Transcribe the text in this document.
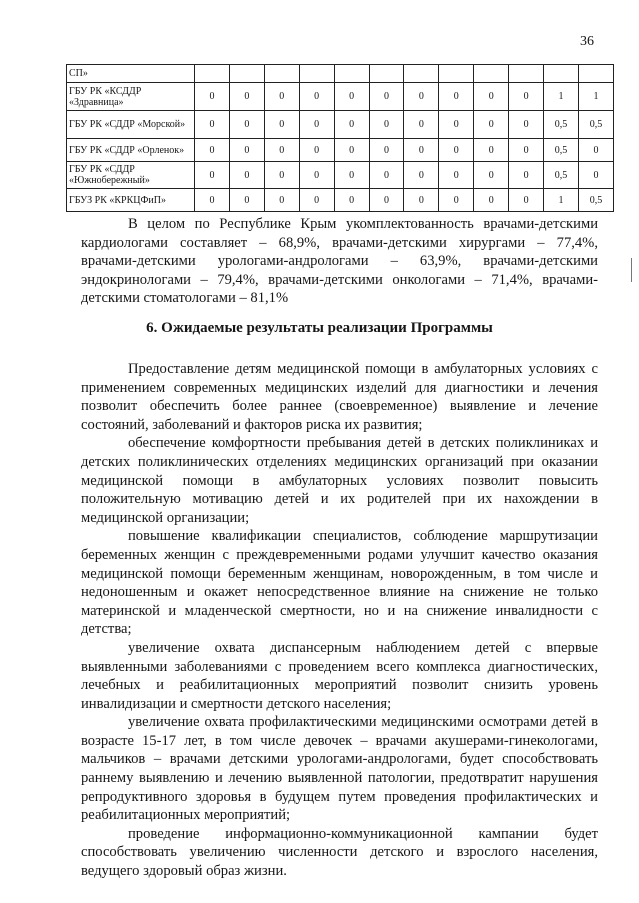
36
СП»												
ГБУ РК «КСДДР «Здравница»	0	0	0	0	0	0	0	0	0	0	1	1
ГБУ РК «СДДР «Морской»	0	0	0	0	0	0	0	0	0	0	0,5	0,5
ГБУ РК «СДДР «Орленок»	0	0	0	0	0	0	0	0	0	0	0,5	0
ГБУ РК «СДДР «Южнобережный»	0	0	0	0	0	0	0	0	0	0	0,5	0
ГБУЗ РК «КРКЦФиП»	0	0	0	0	0	0	0	0	0	0	1	0,5

В целом по Республике Крым укомплектованность врачами-детскими кардиологами составляет – 68,9%, врачами-детскими хирургами – 77,4%, врачами-детскими урологами-андрологами – 63,9%, врачами-детскими эндокринологами – 79,4%, врачами-детскими онкологами – 71,4%, врачами-детскими стоматологами – 81,1%

6. Ожидаемые результаты реализации Программы

Предоставление детям медицинской помощи в амбулаторных условиях с применением современных медицинских изделий для диагностики и лечения позволит обеспечить более раннее (своевременное) выявление и лечение состояний, заболеваний и факторов риска их развития;

обеспечение комфортности пребывания детей в детских поликлиниках и детских поликлинических отделениях медицинских организаций при оказании медицинской помощи в амбулаторных условиях позволит повысить положительную мотивацию детей и их родителей при их нахождении в медицинской организации;

повышение квалификации специалистов, соблюдение маршрутизации беременных женщин с преждевременными родами улучшит качество оказания медицинской помощи беременным женщинам, новорожденным, в том числе и недоношенным и окажет непосредственное влияние на снижение не только материнской и младенческой смертности, но и на снижение инвалидности с детства;

увеличение охвата диспансерным наблюдением детей с впервые выявленными заболеваниями с проведением всего комплекса диагностических, лечебных и реабилитационных мероприятий позволит снизить уровень инвалидизации и смертности детского населения;

увеличение охвата профилактическими медицинскими осмотрами детей в возрасте 15-17 лет, в том числе девочек – врачами акушерами-гинекологами, мальчиков – врачами детскими урологами-андрологами, будет способствовать раннему выявлению и лечению выявленной патологии, предотвратит нарушения репродуктивного здоровья в будущем путем проведения профилактических и реабилитационных мероприятий;

проведение информационно-коммуникационной кампании будет способствовать увеличению численности детского и взрослого населения, ведущего здоровый образ жизни.
